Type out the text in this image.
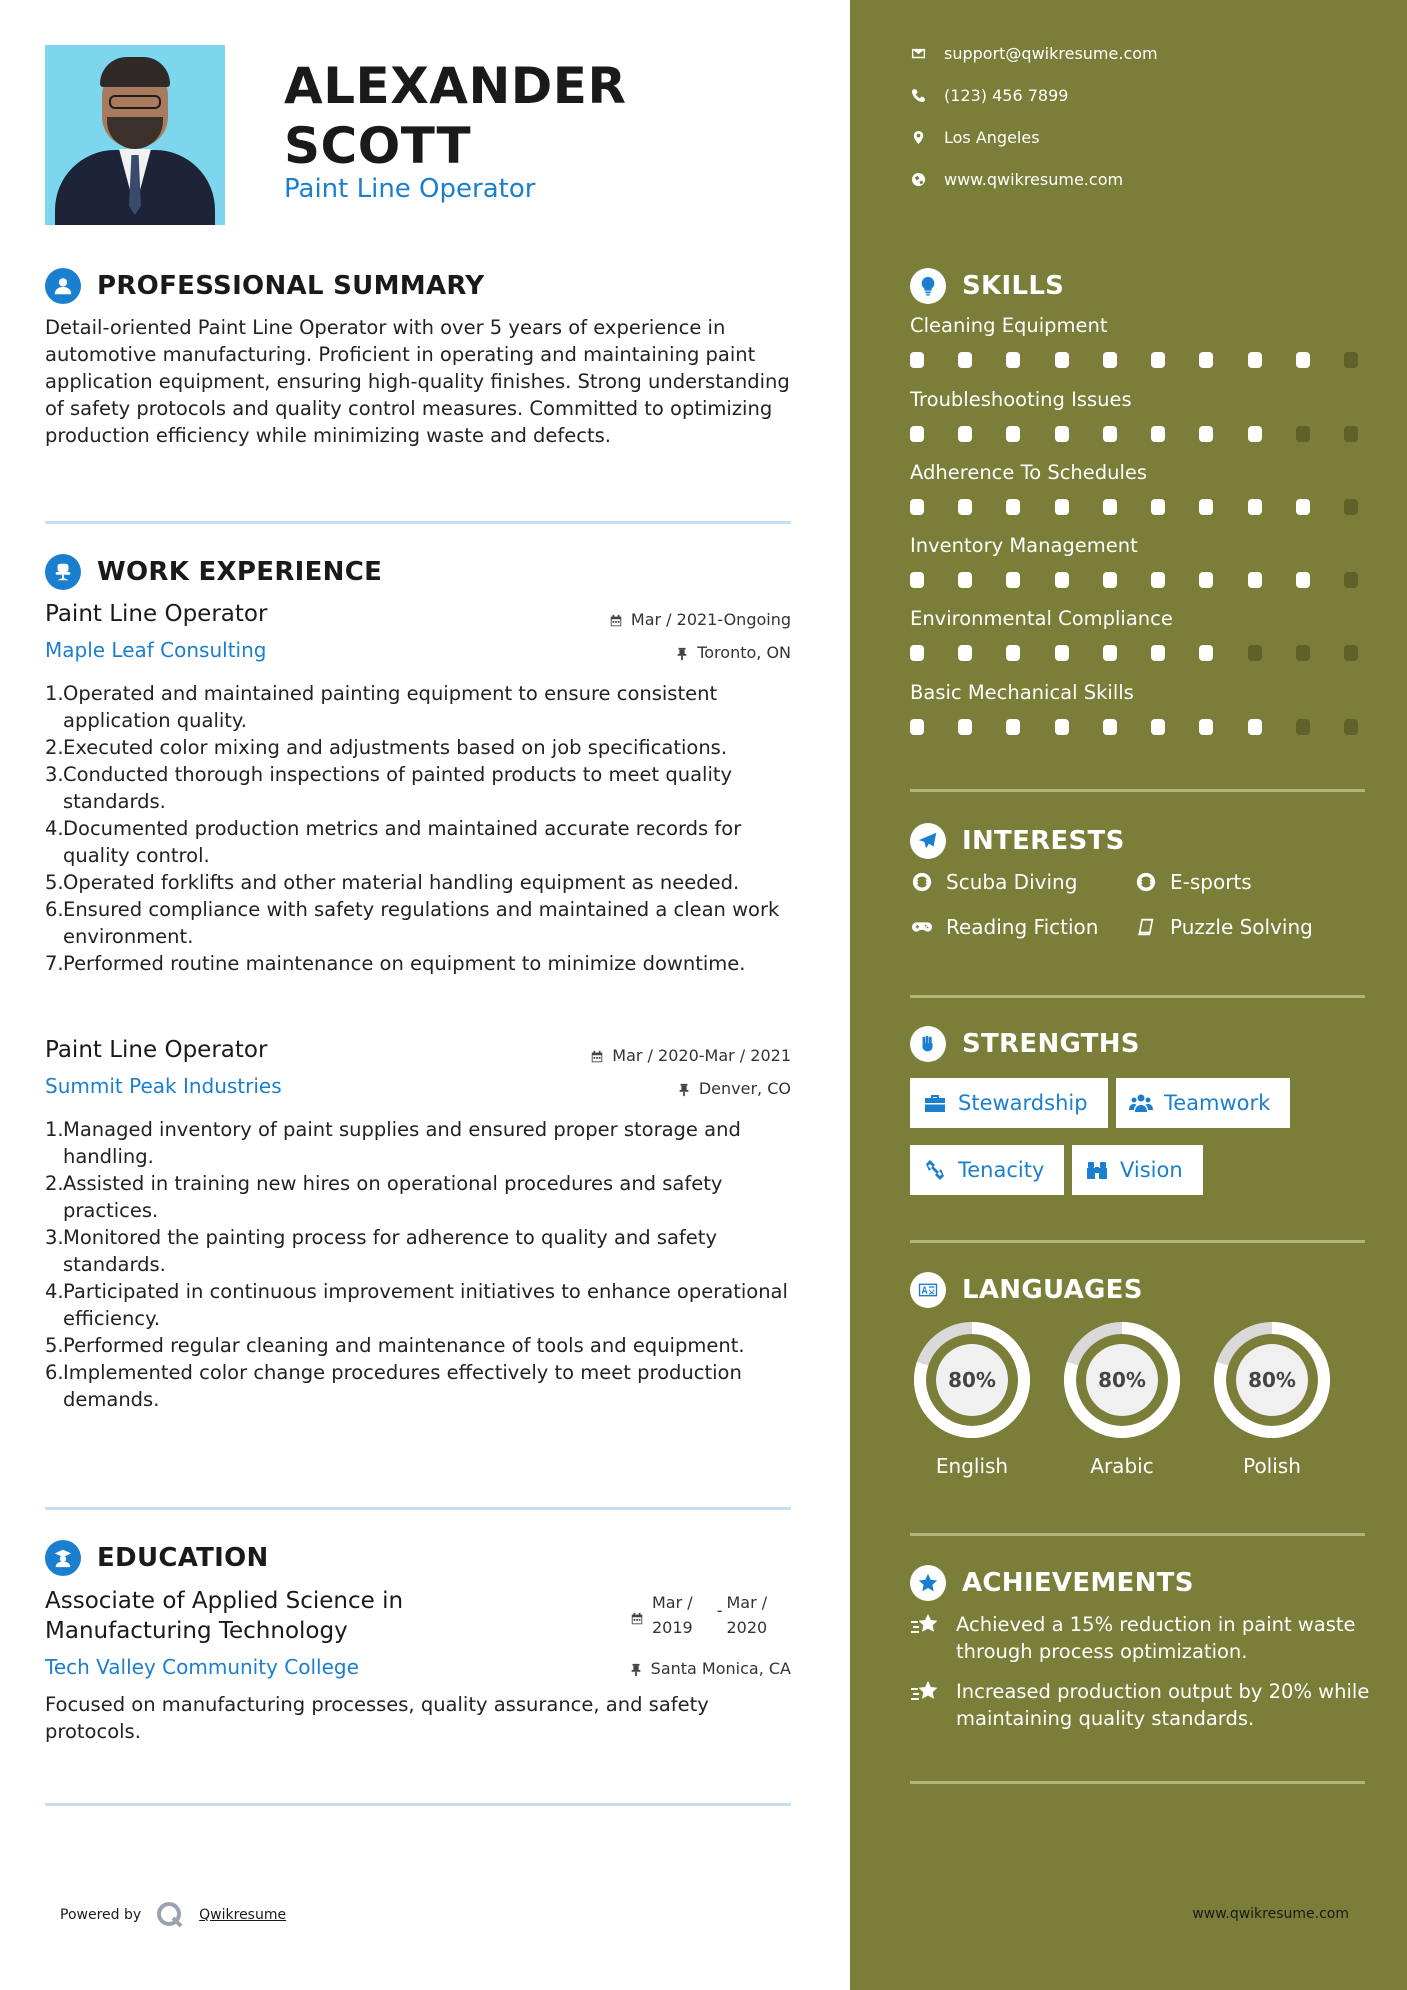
ALEXANDER
SCOTT
Paint Line Operator
PROFESSIONAL SUMMARY
Detail-oriented Paint Line Operator with over 5 years of experience in automotive manufacturing. Proficient in operating and maintaining paint application equipment, ensuring high-quality finishes. Strong understanding of safety protocols and quality control measures. Committed to optimizing production efficiency while minimizing waste and defects.
WORK EXPERIENCE
Paint Line Operator	Mar / 2021-Ongoing
Maple Leaf Consulting	Toronto, ON
1. Operated and maintained painting equipment to ensure consistent application quality.
2. Executed color mixing and adjustments based on job specifications.
3. Conducted thorough inspections of painted products to meet quality standards.
4. Documented production metrics and maintained accurate records for quality control.
5. Operated forklifts and other material handling equipment as needed.
6. Ensured compliance with safety regulations and maintained a clean work environment.
7. Performed routine maintenance on equipment to minimize downtime.
Paint Line Operator	Mar / 2020-Mar / 2021
Summit Peak Industries	Denver, CO
1. Managed inventory of paint supplies and ensured proper storage and handling.
2. Assisted in training new hires on operational procedures and safety practices.
3. Monitored the painting process for adherence to quality and safety standards.
4. Participated in continuous improvement initiatives to enhance operational efficiency.
5. Performed regular cleaning and maintenance of tools and equipment.
6. Implemented color change procedures effectively to meet production demands.
EDUCATION
Associate of Applied Science in
Manufacturing Technology
Mar /
2019
- Mar /
2020
Tech Valley Community College	Santa Monica, CA
Focused on manufacturing processes, quality assurance, and safety protocols.
Powered by	Qwikresume
support@qwikresume.com
(123) 456 7899
Los Angeles
www.qwikresume.com
SKILLS
Cleaning Equipment
Troubleshooting Issues
Adherence To Schedules
Inventory Management
Environmental Compliance
Basic Mechanical Skills
INTERESTS
Scuba Diving	E-sports
Reading Fiction	Puzzle Solving
STRENGTHS
Stewardship	Teamwork
Tenacity	Vision
LANGUAGES
80%
English
80%
Arabic
80%
Polish
ACHIEVEMENTS
Achieved a 15% reduction in paint waste through process optimization.
Increased production output by 20% while maintaining quality standards.
www.qwikresume.com
